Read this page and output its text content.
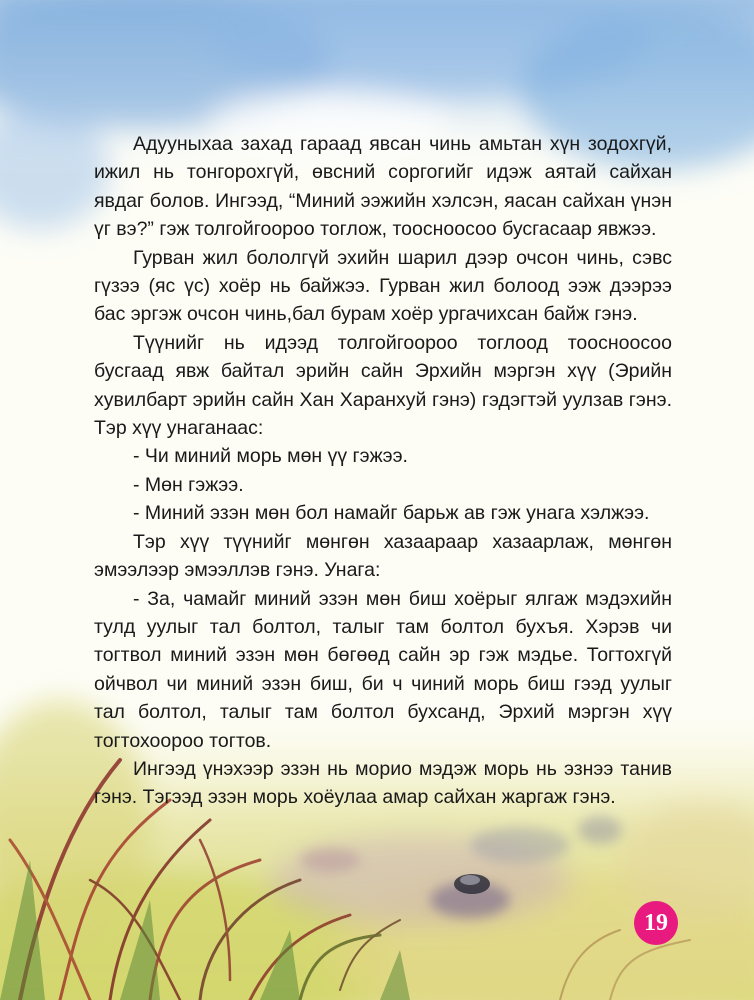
Адууныхаа захад гараад явсан чинь амьтан хүн зодохгүй, ижил нь тонгорохгүй, өвсний соргогийг идэж аятай сайхан явдаг болов. Ингээд, “Миний ээжийн хэлсэн, яасан сайхан үнэн үг вэ?” гэж толгойгоороо тоглож, тоосноосоо бусгасаар явжээ.

Гурван жил бололгүй эхийн шарил дээр очсон чинь, сэвс гүзээ (яс үс) хоёр нь байжээ. Гурван жил болоод ээж дээрээ бас эргэж очсон чинь,бал бурам хоёр ургачихсан байж гэнэ.

Түүнийг нь идээд толгойгоороо тоглоод тоосноосоо бусгаад явж байтал эрийн сайн Эрхийн мэргэн хүү (Эрийн хувилбарт эрийн сайн Хан Харанхуй гэнэ) гэдэгтэй уулзав гэнэ. Тэр хүү унаганаас:

- Чи миний морь мөн үү гэжээ.

- Мөн гэжээ.

- Миний эзэн мөн бол намайг барьж ав гэж унага хэлжээ.

Тэр хүү түүнийг мөнгөн хазаараар хазаарлаж, мөнгөн эмээлээр эмээллэв гэнэ. Унага:

- За, чамайг миний эзэн мөн биш хоёрыг ялгаж мэдэхийн тулд уулыг тал болтол, талыг там болтол бухъя. Хэрэв чи тогтвол миний эзэн мөн бөгөөд сайн эр гэж мэдье. Тогтохгүй ойчвол чи миний эзэн биш, би ч чиний морь биш гээд уулыг тал болтол, талыг там болтол бухсанд, Эрхий мэргэн хүү тогтохоороо тогтов.

Ингээд үнэхээр эзэн нь морио мэдэж морь нь эзнээ танив гэнэ. Тэгээд эзэн морь хоёулаа амар сайхан жаргаж гэнэ.

19
